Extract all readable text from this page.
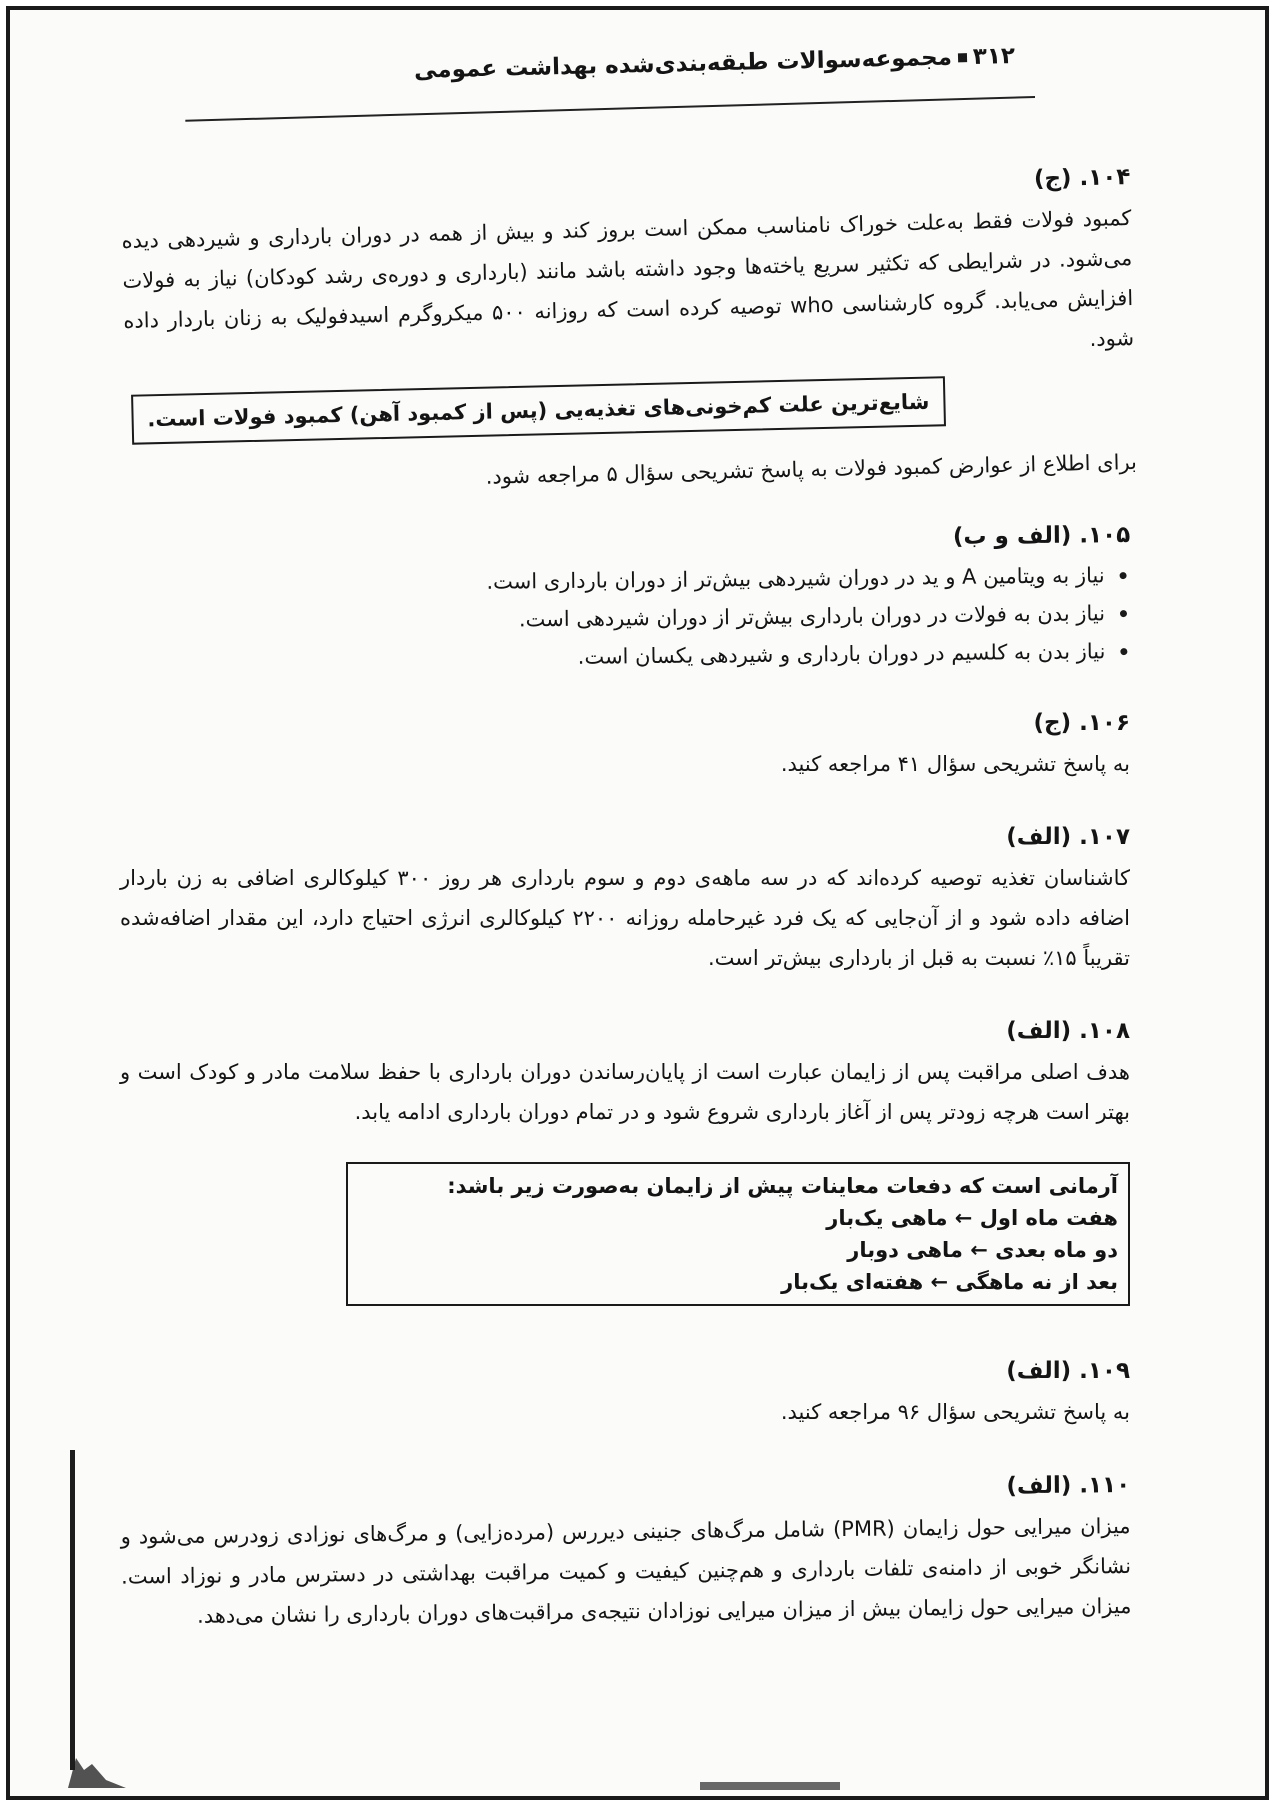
۳۱۲مجموعه‌سوالات طبقه‌بندی‌شده بهداشت عمومی
۱۰۴. (ج)

کمبود فولات فقط به‌علت خوراک نامناسب ممکن است بروز کند و بیش از همه در دوران بارداری و شیردهی دیده می‌شود. در شرایطی که تکثیر سریع یاخته‌ها وجود داشته باشد مانند (بارداری و دوره‌ی رشد کودکان) نیاز به فولات افزایش می‌یابد. گروه کارشناسی who توصیه کرده است که روزانه ۵۰۰ میکروگرم اسیدفولیک به زنان باردار داده شود.

شایع‌ترین علت کم‌خونی‌های تغذیه‌یی (پس از کمبود آهن) کمبود فولات است.

برای اطلاع از عوارض کمبود فولات به پاسخ تشریحی سؤال ۵ مراجعه شود.

۱۰۵. (الف و ب)
نیاز به ویتامین A و ید در دوران شیردهی بیش‌تر از دوران بارداری است.
نیاز بدن به فولات در دوران بارداری بیش‌تر از دوران شیردهی است.
نیاز بدن به کلسیم در دوران بارداری و شیردهی یکسان است.
۱۰۶. (ج)

به پاسخ تشریحی سؤال ۴۱ مراجعه کنید.

۱۰۷. (الف)

کاشناسان تغذیه توصیه کرده‌اند که در سه ماهه‌ی دوم و سوم بارداری هر روز ۳۰۰ کیلوکالری اضافی به زن باردار اضافه داده شود و از آن‌جایی که یک فرد غیرحامله روزانه ۲۲۰۰ کیلوکالری انرژی احتیاج دارد، این مقدار اضافه‌شده تقریباً ۱۵٪ نسبت به قبل از بارداری بیش‌تر است.

۱۰۸. (الف)

هدف اصلی مراقبت پس از زایمان عبارت است از پایان‌رساندن دوران بارداری با حفظ سلامت مادر و کودک است و بهتر است هرچه زودتر پس از آغاز بارداری شروع شود و در تمام دوران بارداری ادامه یابد.

آرمانی است که دفعات معاینات پیش از زایمان به‌صورت زیر باشد:
هفت ماه اول ← ماهی یک‌بار
دو ماه بعدی ← ماهی دوبار
بعد از نه ماهگی ← هفته‌ای یک‌بار
۱۰۹. (الف)

به پاسخ تشریحی سؤال ۹۶ مراجعه کنید.

۱۱۰. (الف)

میزان میرایی حول زایمان (PMR) شامل مرگ‌های جنینی دیررس (مرده‌زایی) و مرگ‌های نوزادی زودرس می‌شود و نشانگر خوبی از دامنه‌ی تلفات بارداری و هم‌چنین کیفیت و کمیت مراقبت بهداشتی در دسترس مادر و نوزاد است. میزان میرایی حول زایمان بیش از میزان میرایی نوزادان نتیجه‌ی مراقبت‌های دوران بارداری را نشان می‌دهد.
